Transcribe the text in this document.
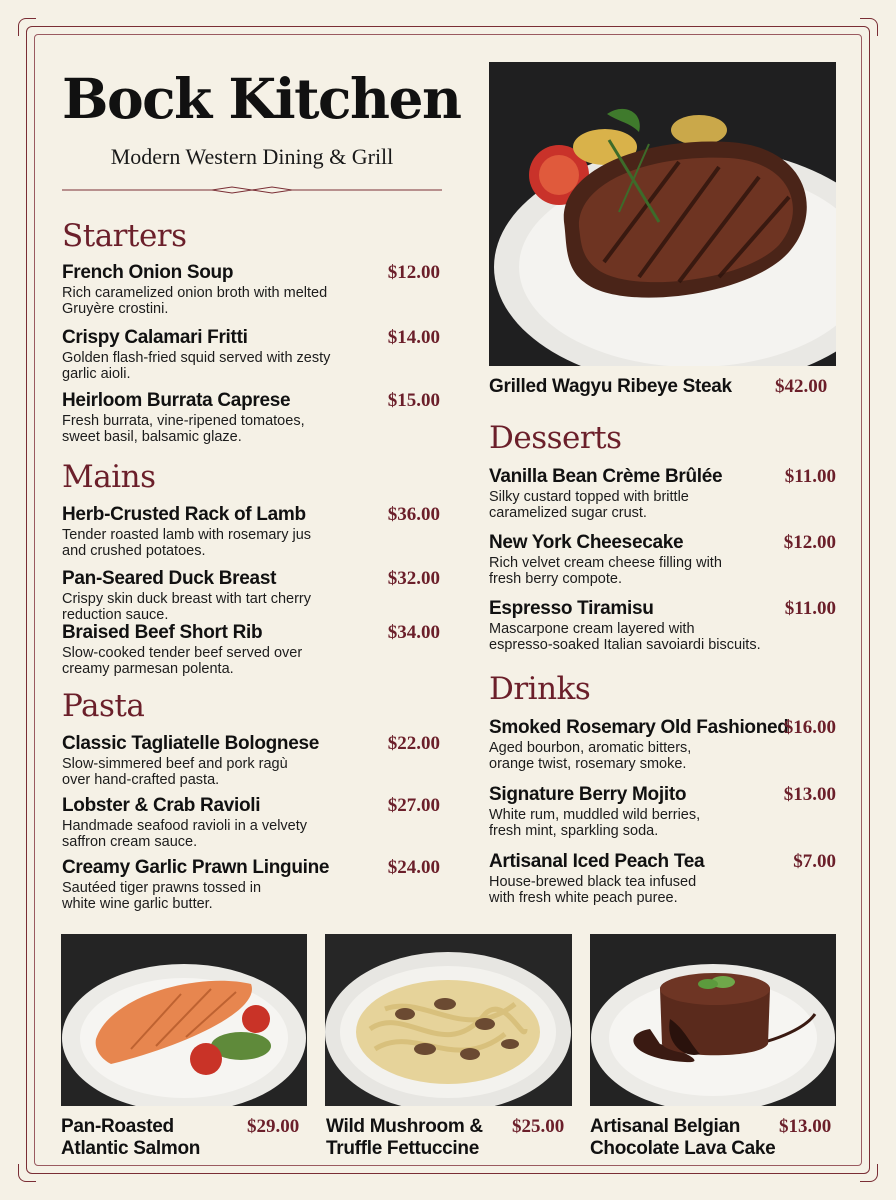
Bock Kitchen
Modern Western Dining & Grill
Starters
French Onion Soup	$12.00
Rich caramelized onion broth with melted
Gruyère crostini.
Crispy Calamari Fritti	$14.00
Golden flash-fried squid served with zesty
garlic aioli.
Heirloom Burrata Caprese	$15.00
Fresh burrata, vine-ripened tomatoes,
sweet basil, balsamic glaze.
Mains
Herb-Crusted Rack of Lamb	$36.00
Tender roasted lamb with rosemary jus
and crushed potatoes.
Pan-Seared Duck Breast	$32.00
Crispy skin duck breast with tart cherry
reduction sauce.
Braised Beef Short Rib	$34.00
Slow-cooked tender beef served over
creamy parmesan polenta.
Pasta
Classic Tagliatelle Bolognese	$22.00
Slow-simmered beef and pork ragù
over hand-crafted pasta.
Lobster & Crab Ravioli	$27.00
Handmade seafood ravioli in a velvety
saffron cream sauce.
Creamy Garlic Prawn Linguine	$24.00
Sautéed tiger prawns tossed in
white wine garlic butter.
Grilled Wagyu Ribeye Steak $42.00
Desserts
Vanilla Bean Crème Brûlée	$11.00
Silky custard topped with brittle
caramelized sugar crust.
New York Cheesecake	$12.00
Rich velvet cream cheese filling with
fresh berry compote.
Espresso Tiramisu	$11.00
Mascarpone cream layered with
espresso-soaked Italian savoiardi biscuits.
Drinks
Smoked Rosemary Old Fashioned
$16.00
Aged bourbon, aromatic bitters,
orange twist, rosemary smoke.
Signature Berry Mojito	$13.00
White rum, muddled wild berries,
fresh mint, sparkling soda.
Artisanal Iced Peach Tea	$7.00
House-brewed black tea infused
with fresh white peach puree.
Pan-Roasted
Atlantic Salmon
$29.00 Wild Mushroom &
Truffle Fettuccine
$25.00 Artisanal Belgian
Chocolate Lava Cake
$13.00
